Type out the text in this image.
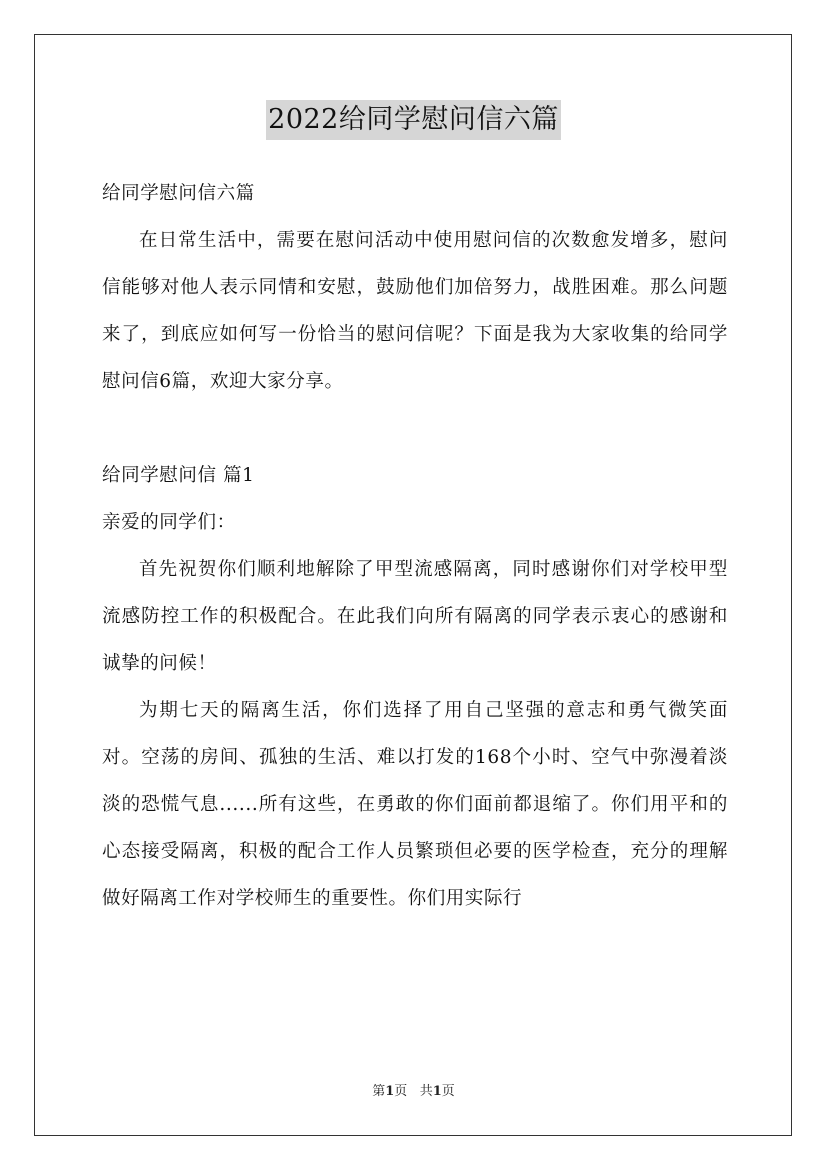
2022给同学慰问信六篇

给同学慰问信六篇

在日常生活中，需要在慰问活动中使用慰问信的次数愈发增多，慰问信能够对他人表示同情和安慰，鼓励他们加倍努力，战胜困难。那么问题来了，到底应如何写一份恰当的慰问信呢？下面是我为大家收集的给同学慰问信6篇，欢迎大家分享。

给同学慰问信 篇1

亲爱的同学们：

首先祝贺你们顺利地解除了甲型流感隔离，同时感谢你们对学校甲型流感防控工作的积极配合。在此我们向所有隔离的同学表示衷心的感谢和诚挚的问候！

为期七天的隔离生活，你们选择了用自己坚强的意志和勇气微笑面对。空荡的房间、孤独的生活、难以打发的168个小时、空气中弥漫着淡淡的恐慌气息......所有这些，在勇敢的你们面前都退缩了。你们用平和的心态接受隔离，积极的配合工作人员繁琐但必要的医学检查，充分的理解做好隔离工作对学校师生的重要性。你们用实际行

第1页 共1页
